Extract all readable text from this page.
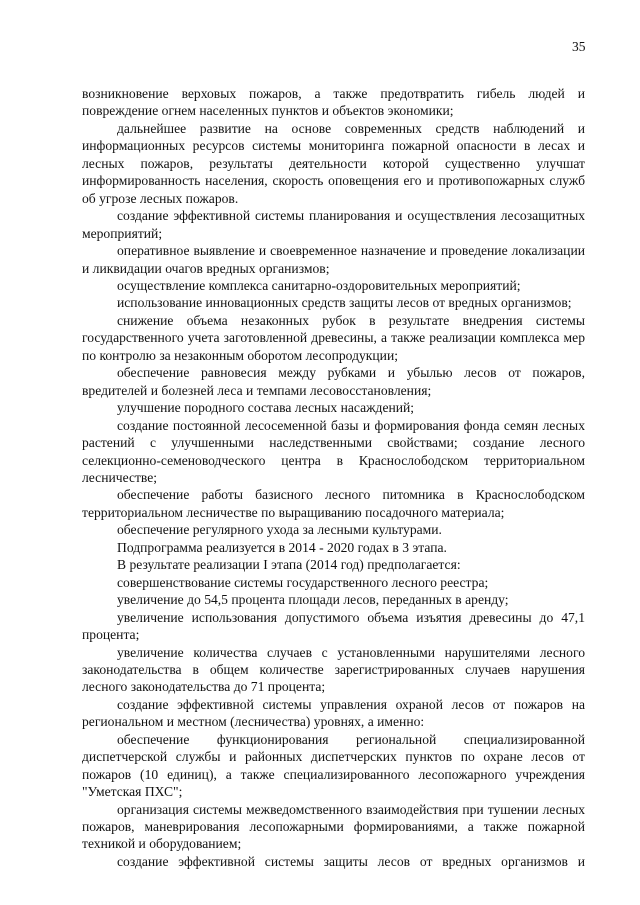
35

возникновение верховых пожаров, а также предотвратить гибель людей и повреждение огнем населенных пунктов и объектов экономики;

дальнейшее развитие на основе современных средств наблюдений и информационных ресурсов системы мониторинга пожарной опасности в лесах и лесных пожаров, результаты деятельности которой существенно улучшат информированность населения, скорость оповещения его и противопожарных служб об угрозе лесных пожаров.

создание эффективной системы планирования и осуществления лесозащитных мероприятий;

оперативное выявление и своевременное назначение и проведение локализации и ликвидации очагов вредных организмов;

осуществление комплекса санитарно-оздоровительных мероприятий;

использование инновационных средств защиты лесов от вредных организмов;

снижение объема незаконных рубок в результате внедрения системы государственного учета заготовленной древесины, а также реализации комплекса мер по контролю за незаконным оборотом лесопродукции;

обеспечение равновесия между рубками и убылью лесов от пожаров, вредителей и болезней леса и темпами лесовосстановления;

улучшение породного состава лесных насаждений;

создание постоянной лесосеменной базы и формирования фонда семян лесных растений с улучшенными наследственными свойствами; создание лесного селекционно-семеноводческого центра в Краснослободском территориальном лесничестве;

обеспечение работы базисного лесного питомника в Краснослободском территориальном лесничестве по выращиванию посадочного материала;

обеспечение регулярного ухода за лесными культурами.

Подпрограмма реализуется в 2014 - 2020 годах в 3 этапа.

В результате реализации I этапа (2014 год) предполагается:

совершенствование системы государственного лесного реестра;

увеличение до 54,5 процента площади лесов, переданных в аренду;

увеличение использования допустимого объема изъятия древесины до 47,1 процента;

увеличение количества случаев с установленными нарушителями лесного законодательства в общем количестве зарегистрированных случаев нарушения лесного законодательства до 71 процента;

создание эффективной системы управления охраной лесов от пожаров на региональном и местном (лесничества) уровнях, а именно:

обеспечение функционирования региональной специализированной диспетчерской службы и районных диспетчерских пунктов по охране лесов от пожаров (10 единиц), а также специализированного лесопожарного учреждения "Уметская ПХС";

организация системы межведомственного взаимодействия при тушении лесных пожаров, маневрирования лесопожарными формированиями, а также пожарной техникой и оборудованием;

создание эффективной системы защиты лесов от вредных организмов и
